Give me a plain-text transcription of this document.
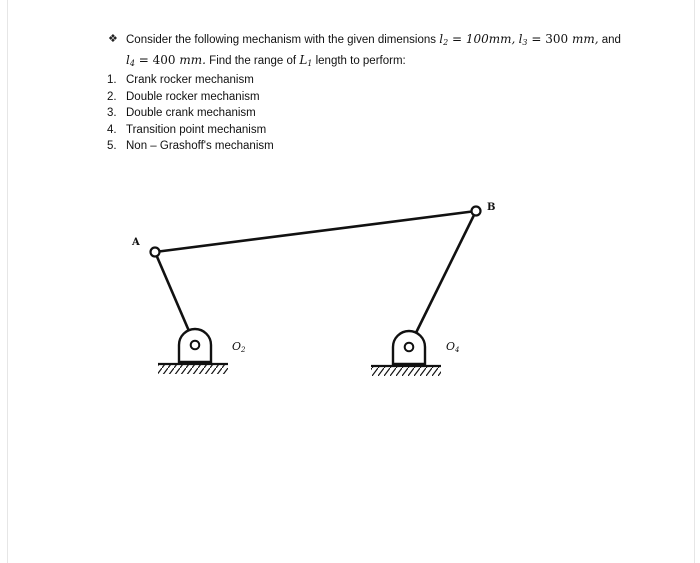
❖ Consider the following mechanism with the given dimensions $l_2 = 100mm$, $l_3 = 300$ mm, and
$l_4 = 400$ mm. Find the range of $L_1$ length to perform:
1. Crank rocker mechanism
2. Double rocker mechanism
3. Double crank mechanism
4. Transition point mechanism
5. Non – Grashoff's mechanism
A
B
O2	O4
